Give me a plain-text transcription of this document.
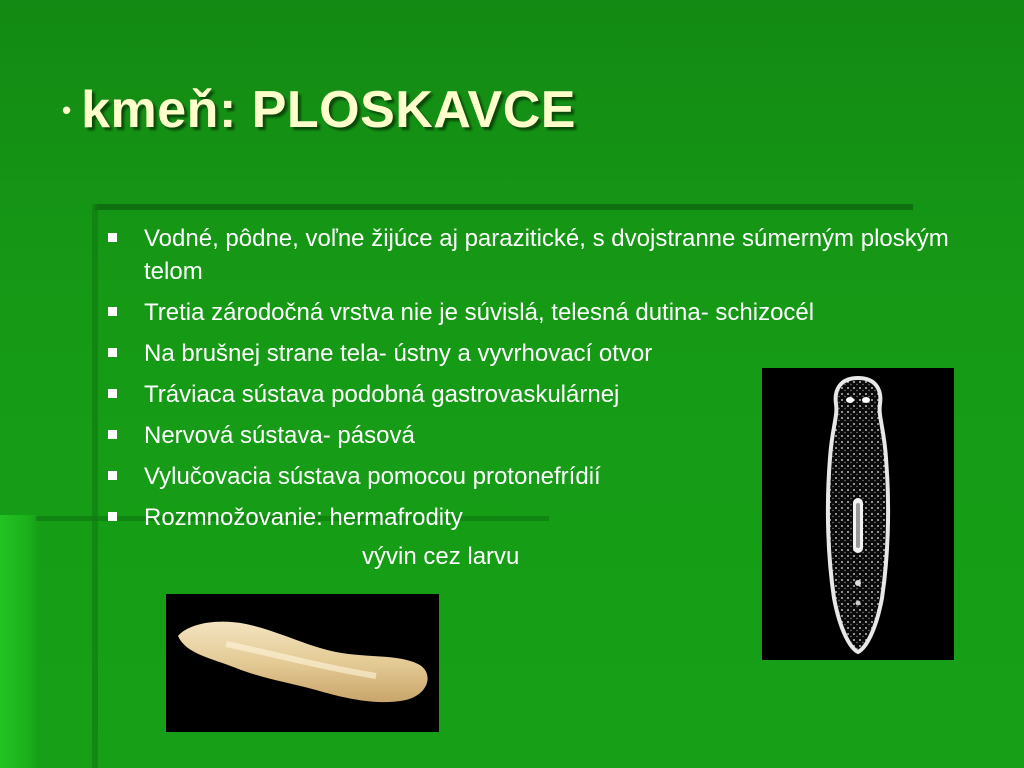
• kmeň: PLOSKAVCE
Vodné, pôdne, voľne žijúce aj parazitické, s dvojstranne súmerným ploským telom
Tretia zárodočná vrstva nie je súvislá, telesná dutina- schizocél
Na brušnej strane tela- ústny a vyvrhovací otvor
Tráviaca sústava podobná gastrovaskulárnej
Nervová sústava- pásová
Vylučovacia sústava pomocou protonefrídií
Rozmnožovanie: hermafrodity
vývin cez larvu
